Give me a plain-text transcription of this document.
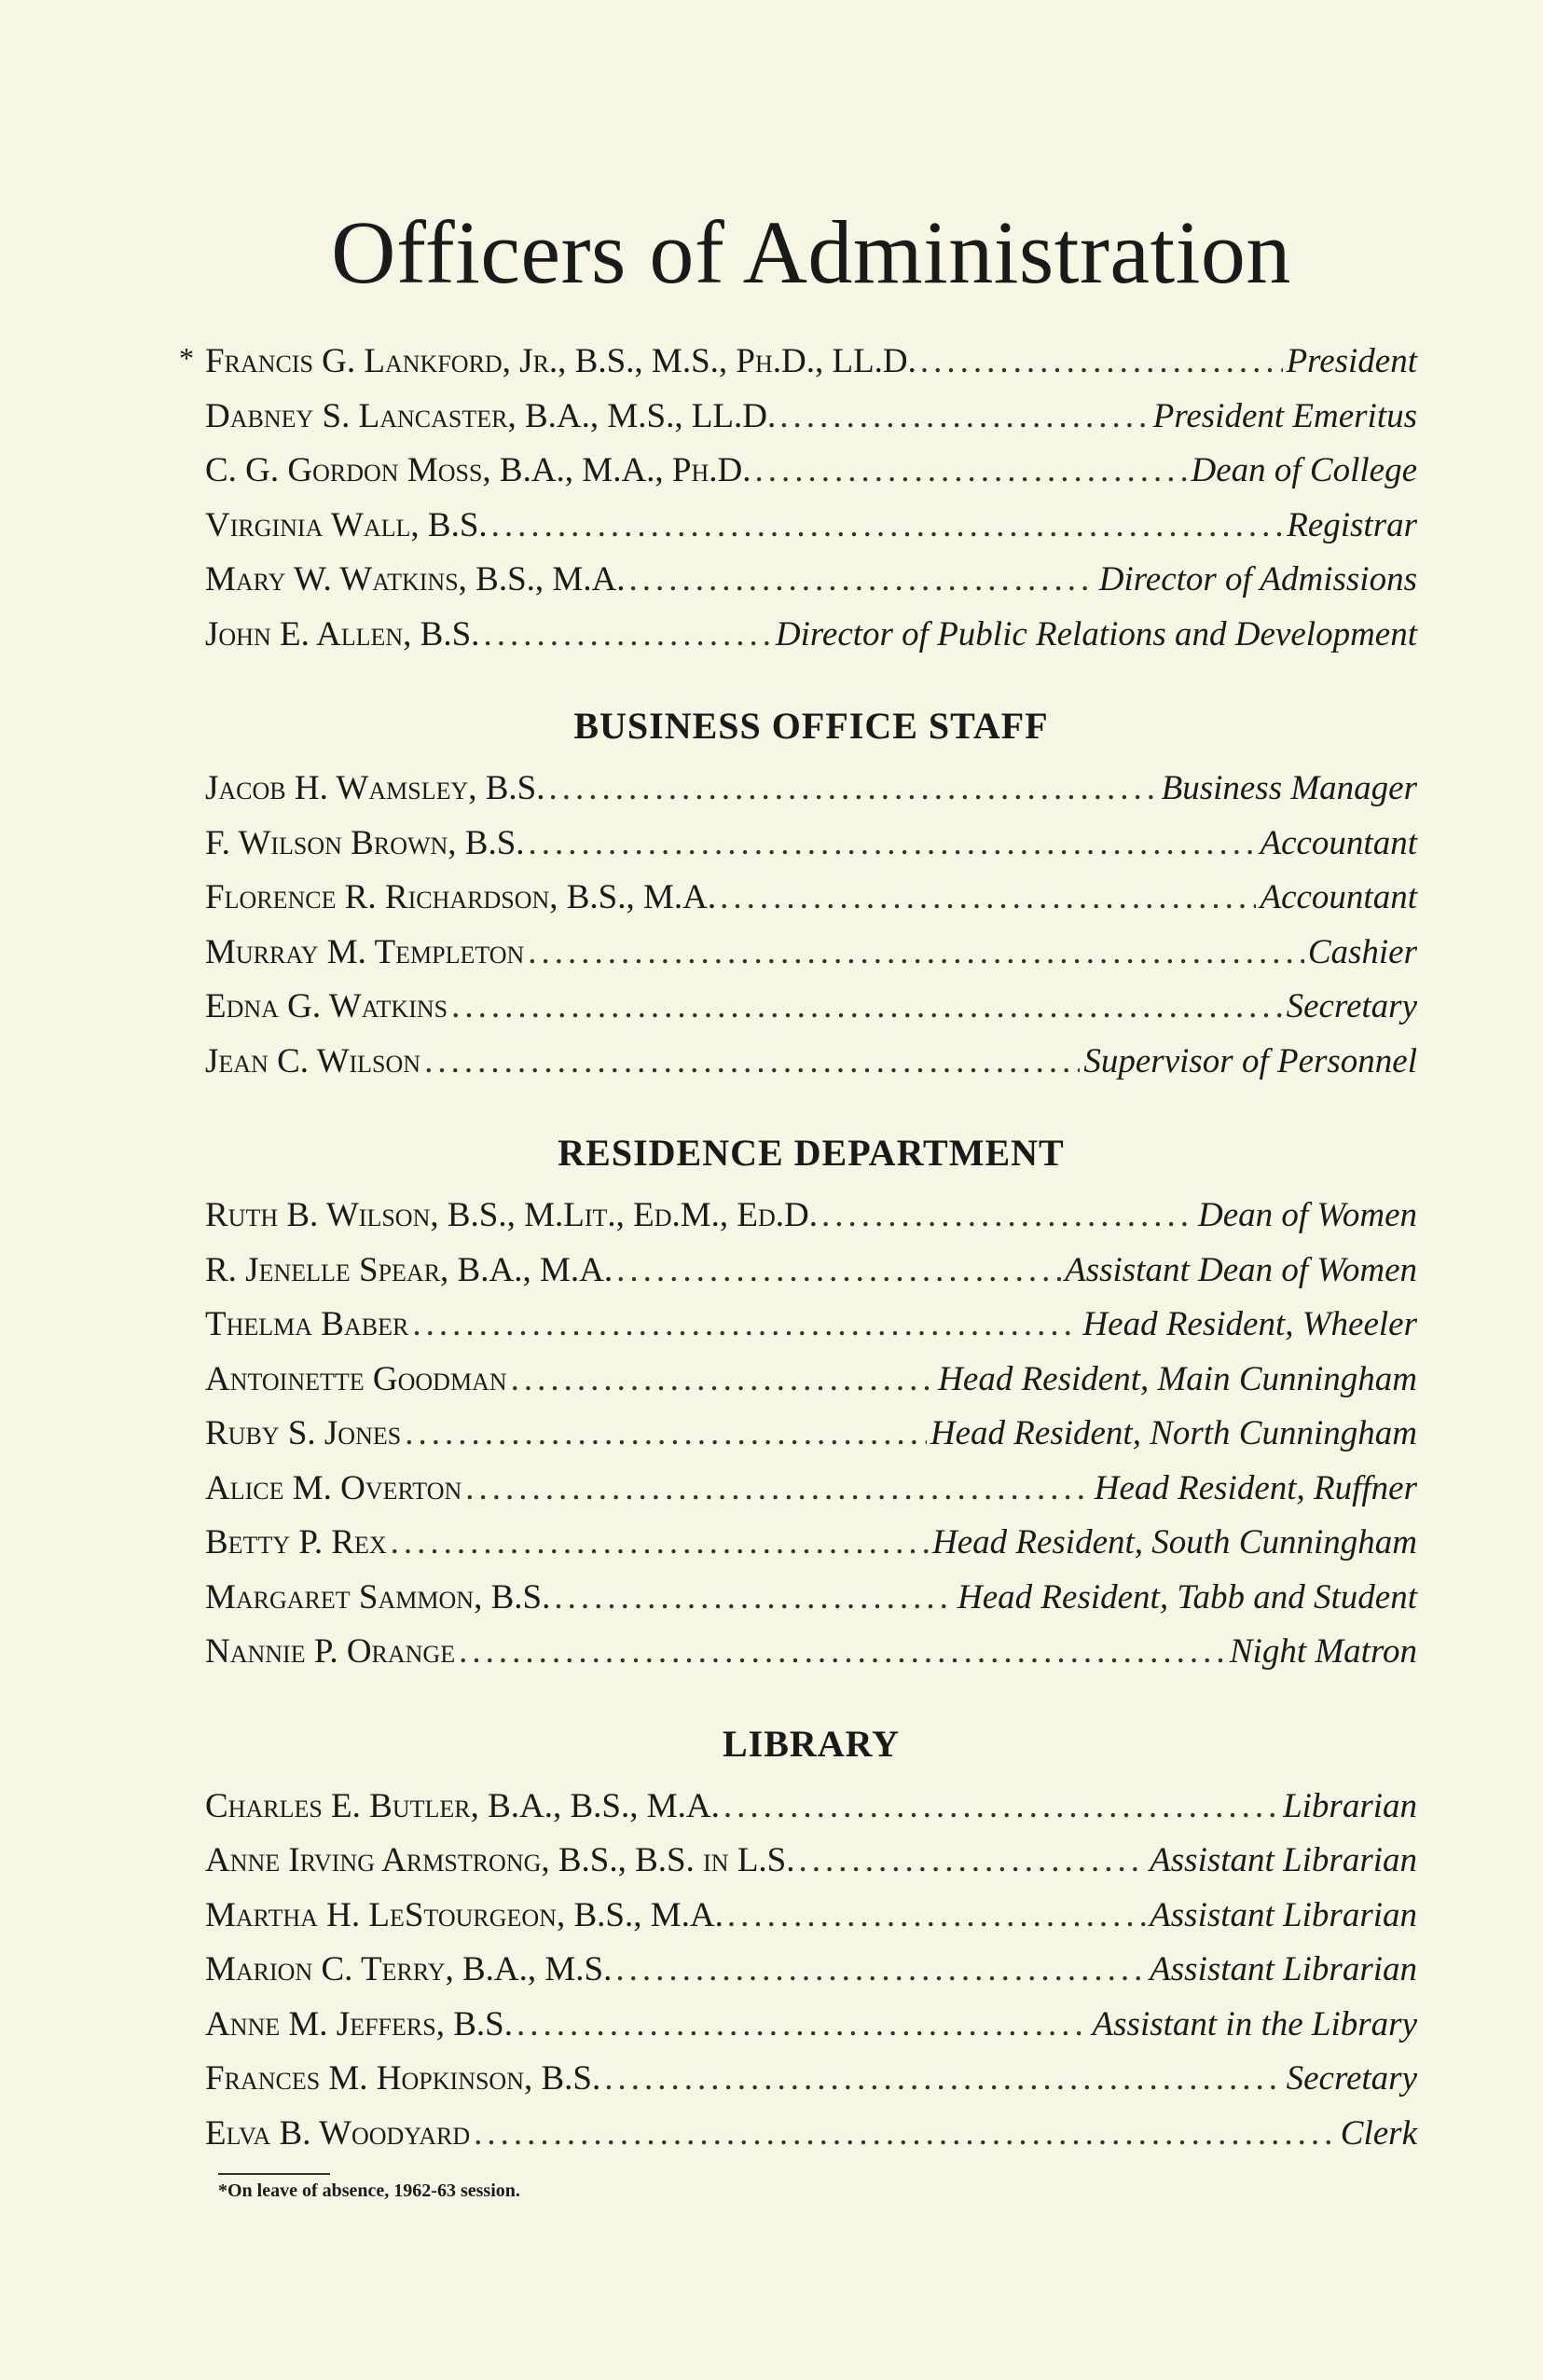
Officers of Administration
* Francis G. Lankford, Jr., B.S., M.S., Ph.D., LL.D. .....	President
Dabney S. Lancaster, B.A., M.S., LL.D. .....	President Emeritus
C. G. Gordon Moss, B.A., M.A., Ph.D. .....	Dean of College
Virginia Wall, B.S. .....	Registrar
Mary W. Watkins, B.S., M.A. .....	Director of Admissions
John E. Allen, B.S. .....	Director of Public Relations and Development
BUSINESS OFFICE STAFF
Jacob H. Wamsley, B.S. .....	Business Manager
F. Wilson Brown, B.S. .....	Accountant
Florence R. Richardson, B.S., M.A. .....	Accountant
Murray M. Templeton .....	Cashier
Edna G. Watkins .....	Secretary
Jean C. Wilson .....	Supervisor of Personnel
RESIDENCE DEPARTMENT
Ruth B. Wilson, B.S., M.Lit., Ed.M., Ed.D. .....	Dean of Women
R. Jenelle Spear, B.A., M.A. .....	Assistant Dean of Women
Thelma Baber .....	Head Resident, Wheeler
Antoinette Goodman .....	Head Resident, Main Cunningham
Ruby S. Jones .....	Head Resident, North Cunningham
Alice M. Overton .....	Head Resident, Ruffner
Betty P. Rex .....	Head Resident, South Cunningham
Margaret Sammon, B.S. .....	Head Resident, Tabb and Student
Nannie P. Orange .....	Night Matron
LIBRARY
Charles E. Butler, B.A., B.S., M.A. .....	Librarian
Anne Irving Armstrong, B.S., B.S. in L.S. .....	Assistant Librarian
Martha H. LeStourgeon, B.S., M.A. .....	Assistant Librarian
Marion C. Terry, B.A., M.S. .....	Assistant Librarian
Anne M. Jeffers, B.S. .....	Assistant in the Library
Frances M. Hopkinson, B.S. .....	Secretary
Elva B. Woodyard .....	Clerk
*On leave of absence, 1962-63 session.
